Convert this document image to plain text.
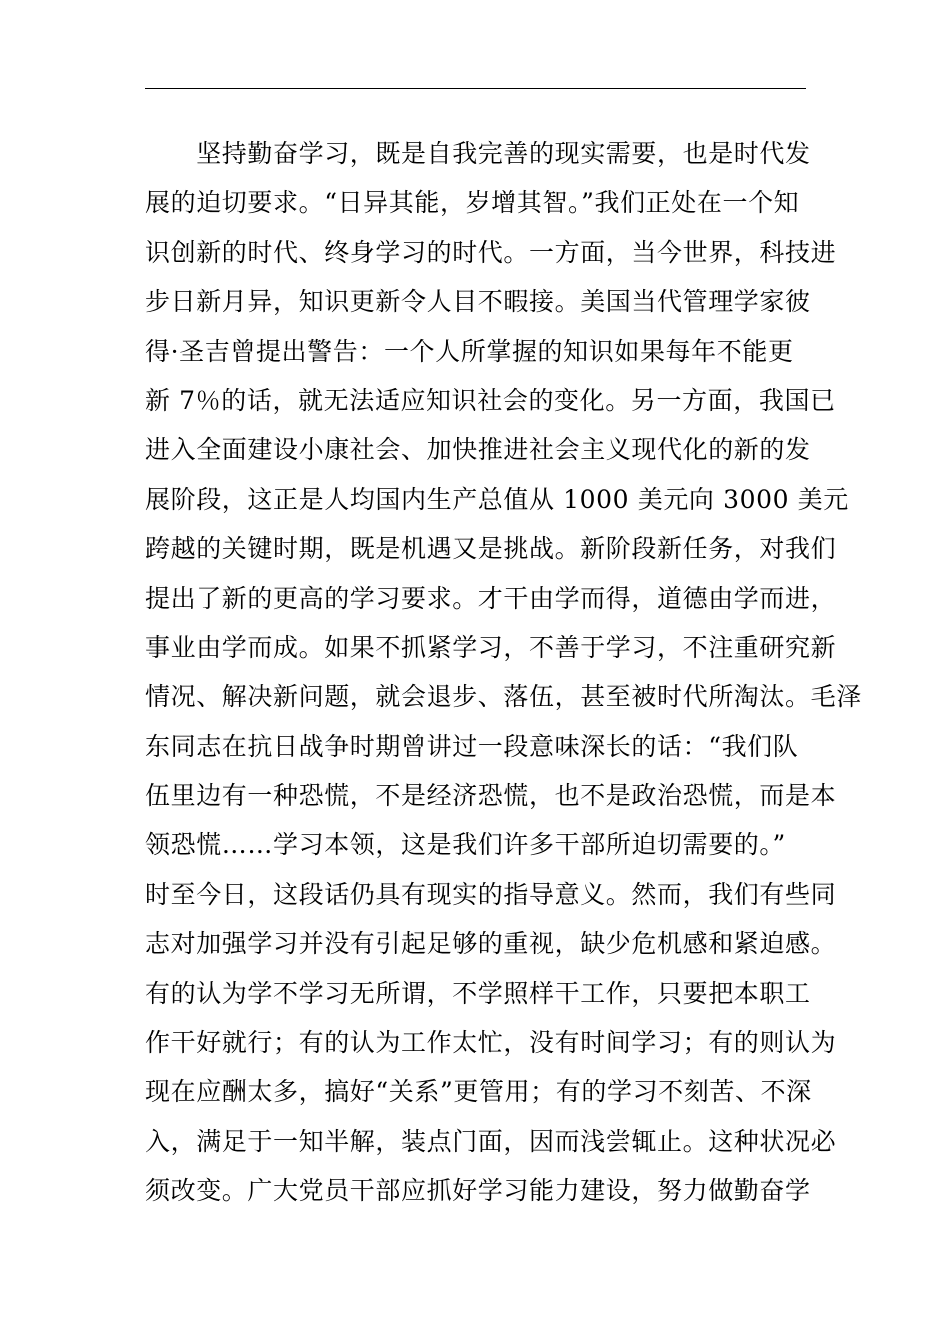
　　坚持勤奋学习，既是自我完善的现实需要，也是时代发
展的迫切要求。“日异其能，岁增其智。”我们正处在一个知
识创新的时代、终身学习的时代。一方面，当今世界，科技进
步日新月异，知识更新令人目不暇接。美国当代管理学家彼
得·圣吉曾提出警告：一个人所掌握的知识如果每年不能更
新 7％的话，就无法适应知识社会的变化。另一方面，我国已
进入全面建设小康社会、加快推进社会主义现代化的新的发
展阶段，这正是人均国内生产总值从 1000 美元向 3000 美元
跨越的关键时期，既是机遇又是挑战。新阶段新任务，对我们
提出了新的更高的学习要求。才干由学而得，道德由学而进，
事业由学而成。如果不抓紧学习，不善于学习，不注重研究新
情况、解决新问题，就会退步、落伍，甚至被时代所淘汰。毛泽
东同志在抗日战争时期曾讲过一段意味深长的话：“我们队
伍里边有一种恐慌，不是经济恐慌，也不是政治恐慌，而是本
领恐慌……学习本领，这是我们许多干部所迫切需要的。”
时至今日，这段话仍具有现实的指导意义。然而，我们有些同
志对加强学习并没有引起足够的重视，缺少危机感和紧迫感。
有的认为学不学习无所谓，不学照样干工作，只要把本职工
作干好就行；有的认为工作太忙，没有时间学习；有的则认为
现在应酬太多，搞好“关系”更管用；有的学习不刻苦、不深
入，满足于一知半解，装点门面，因而浅尝辄止。这种状况必
须改变。广大党员干部应抓好学习能力建设，努力做勤奋学
